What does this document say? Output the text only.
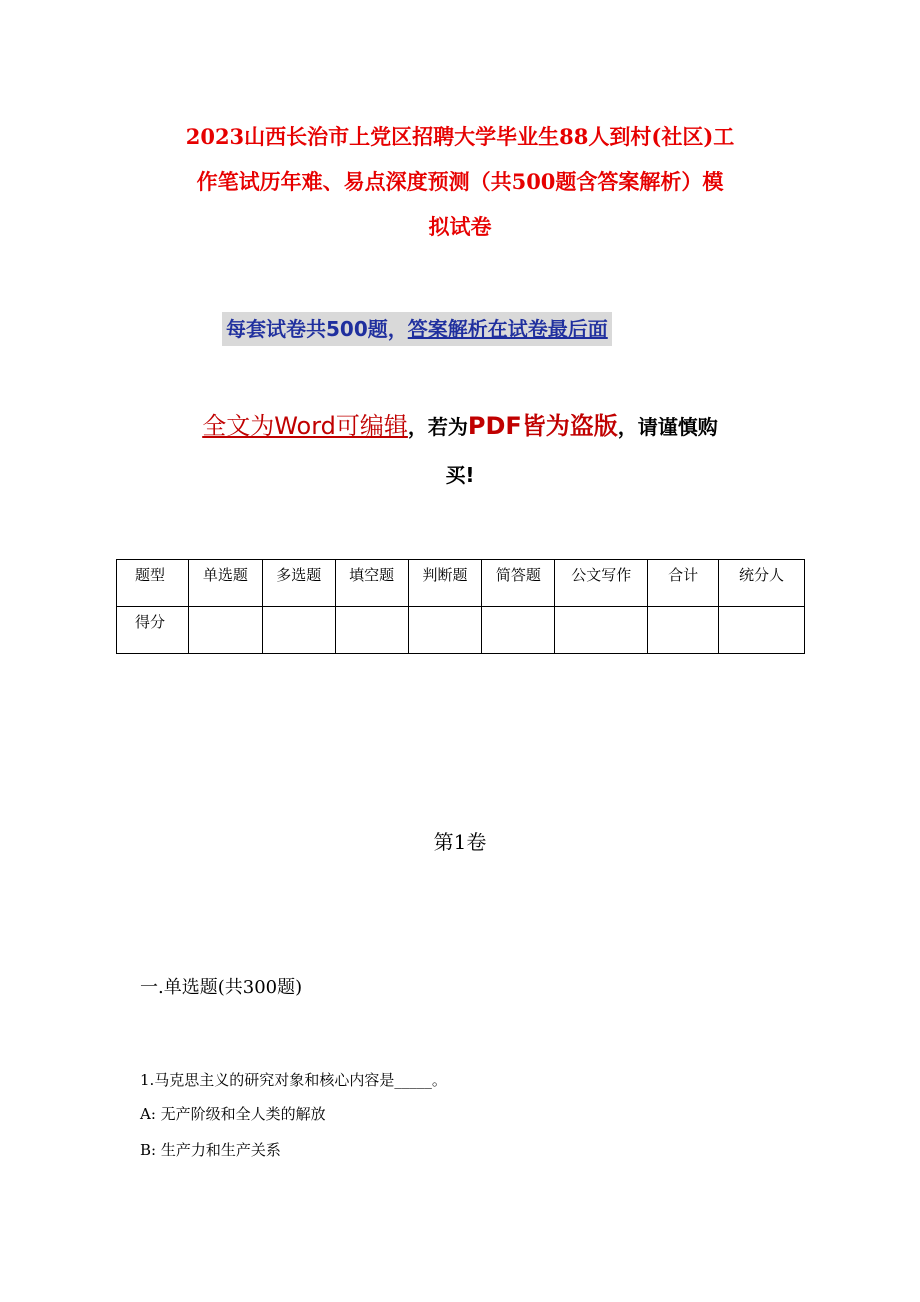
2023山西长治市上党区招聘大学毕业生88人到村(社区)工
作笔试历年难、易点深度预测（共500题含答案解析）模
拟试卷
每套试卷共500题，答案解析在试卷最后面
全文为Word可编辑，若为PDF皆为盗版，请谨慎购
买!
题型	单选题	多选题	填空题	判断题	简答题	公文写作	合计	统分人
得分								
第1卷
一.单选题(共300题)
1.马克思主义的研究对象和核心内容是_____。
A: 无产阶级和全人类的解放
B: 生产力和生产关系
